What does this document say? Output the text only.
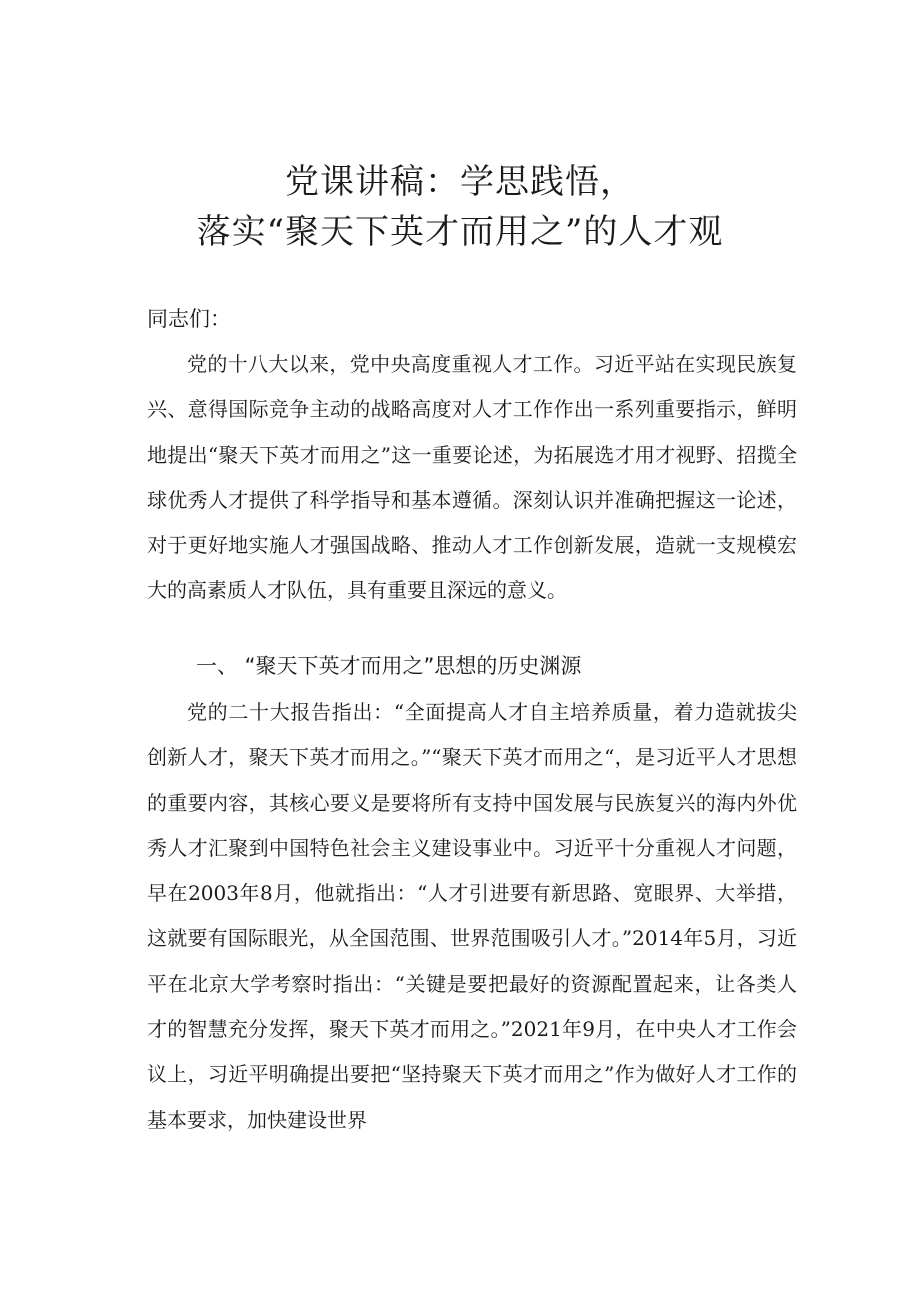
党课讲稿：学思践悟，
落实“聚天下英才而用之”的人才观

同志们：

党的十八大以来，党中央高度重视人才工作。习近平站在实现民族复兴、意得国际竞争主动的战略高度对人才工作作出一系列重要指示，鲜明地提出“聚天下英才而用之”这一重要论述，为拓展选才用才视野、招揽全球优秀人才提供了科学指导和基本遵循。深刻认识并准确把握这一论述，对于更好地实施人才强国战略、推动人才工作创新发展，造就一支规模宏大的高素质人才队伍，具有重要且深远的意义。

一、 “聚天下英才而用之”思想的历史渊源

党的二十大报告指出：“全面提高人才自主培养质量，着力造就拔尖创新人才，聚天下英才而用之。”“聚天下英才而用之“，是习近平人才思想的重要内容，其核心要义是要将所有支持中国发展与民族复兴的海内外优秀人才汇聚到中国特色社会主义建设事业中。习近平十分重视人才问题，早在2003年8月，他就指出：“人才引进要有新思路、宽眼界、大举措，这就要有国际眼光，从全国范围、世界范围吸引人才。”2014年5月，习近平在北京大学考察时指出：“关键是要把最好的资源配置起来，让各类人才的智慧充分发挥，聚天下英才而用之。”2021年9月，在中央人才工作会议上，习近平明确提出要把“坚持聚天下英才而用之”作为做好人才工作的基本要求，加快建设世界
